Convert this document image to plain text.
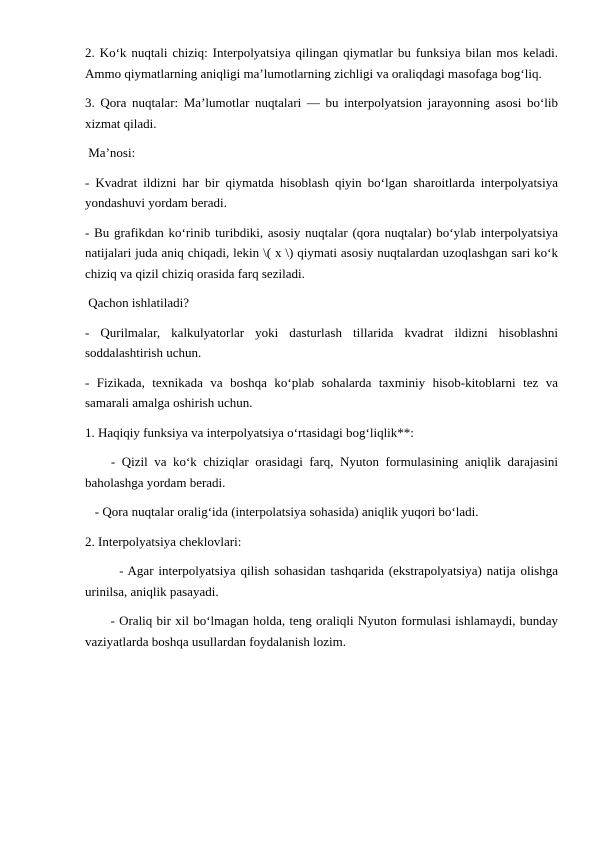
2. Ko‘k nuqtali chiziq: Interpolyatsiya qilingan qiymatlar bu funksiya bilan mos keladi. Ammo qiymatlarning aniqligi ma’lumotlarning zichligi va oraliqdagi masofaga bog‘liq.

3. Qora nuqtalar: Ma’lumotlar nuqtalari — bu interpolyatsion jarayonning asosi bo‘lib xizmat qiladi.

Ma’nosi:

- Kvadrat ildizni har bir qiymatda hisoblash qiyin bo‘lgan sharoitlarda interpolyatsiya yondashuvi yordam beradi.

- Bu grafikdan ko‘rinib turibdiki, asosiy nuqtalar (qora nuqtalar) bo‘ylab interpolyatsiya natijalari juda aniq chiqadi, lekin \( x \) qiymati asosiy nuqtalardan uzoqlashgan sari ko‘k chiziq va qizil chiziq orasida farq seziladi.

Qachon ishlatiladi?

- Qurilmalar, kalkulyatorlar yoki dasturlash tillarida kvadrat ildizni hisoblashni soddalashtirish uchun.

- Fizikada, texnikada va boshqa ko‘plab sohalarda taxminiy hisob-kitoblarni tez va samarali amalga oshirish uchun.

1. Haqiqiy funksiya va interpolyatsiya o‘rtasidagi bog‘liqlik**:

- Qizil va ko‘k chiziqlar orasidagi farq, Nyuton formulasining aniqlik darajasini baholashga yordam beradi.

- Qora nuqtalar oralig‘ida (interpolatsiya sohasida) aniqlik yuqori bo‘ladi.

2. Interpolyatsiya cheklovlari:

- Agar interpolyatsiya qilish sohasidan tashqarida (ekstrapolyatsiya) natija olishga urinilsa, aniqlik pasayadi.

- Oraliq bir xil bo‘lmagan holda, teng oraliqli Nyuton formulasi ishlamaydi, bunday vaziyatlarda boshqa usullardan foydalanish lozim.
